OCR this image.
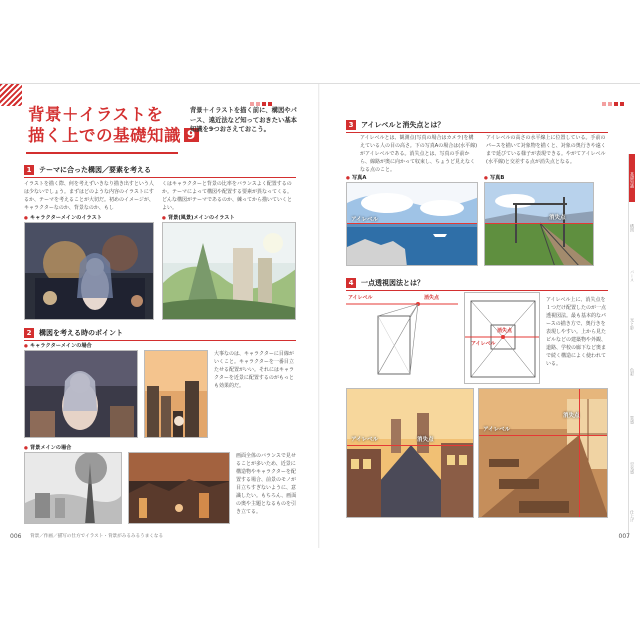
背景＋イラストを
描く上での基礎知識 9
背景＋イラストを描く前に、構図やパース、遠近法など知っておきたい基本知識を9つおさえておこう。
1	テーマに合った構図／要素を考える
イラストを描く際、何を考えずいきなり描き出すという人は少ないでしょう。まずはどのような内容のイラストにするか、テーマを考えることが大切だ。初めのイメージが、キャラクターなのか、背景なのか、もし
くはキャラクターと背景の比率をバランスよく配置するのか。テーマによって構図や配置する要素が異なってくる。どんな構図がテーマであるのか、練ってから描いていくとよい。
● キャラクターメインのイラスト	● 背景(風景)メインのイラスト
2	構図を考える時のポイント
● キャラクターメインの場合
大事なのは、キャラクターに目線がいくこと。キャラクターを一番目立たせる配置がいい。それにはキャラクターを近景に配置するのがもっとも効果的だ。
● 背景メインの場合
画面全体のバランスで見せることが多いため、近景に構造物やキャラクターを配置する場合、前景のモノが目立ちすぎないように、意識したい。もちろん、画面の奥や主題となるものを引き立てる。
006 背景／作画／描写の仕方でイラスト・背景がみるみるうまくなる
基礎知識
構図
パース
光と影
色彩
質感
空気感
仕上げ
3	アイレベルと消失点とは？
アイレベルとは、観測点(写真の場合はカメラ)を構えている人の目の高さ。下の写真Aの場合は(水平線)がアイレベルである。消失点とは、写真の手前から、線路が奥に向かって収束し、ちょうど見えなくなる点のこと。
アイレベルの高さの水平線上に位置している。手前のパースを描いて対象物を描くと、対象の奥行きや遠くまで延びている様子が表現できる。やがてアイレベル(水平線)と交差する点が消失点となる。
● 写真A	● 写真B
アイレベル	消失点
4	一点透視図法とは？
アイレベル	消失点
消失点
アイレベル
アイレベル上に、消失点を１つだけ配置したのが一点透視図法。最も基本的なパースの描き方で、奥行きを表現しやすい。上から見たビルなどの建築物や外観、道路、学校の廊下など奥まで続く構造によく使われている。
アイレベル	消失点
アイレベル
消失点
007
